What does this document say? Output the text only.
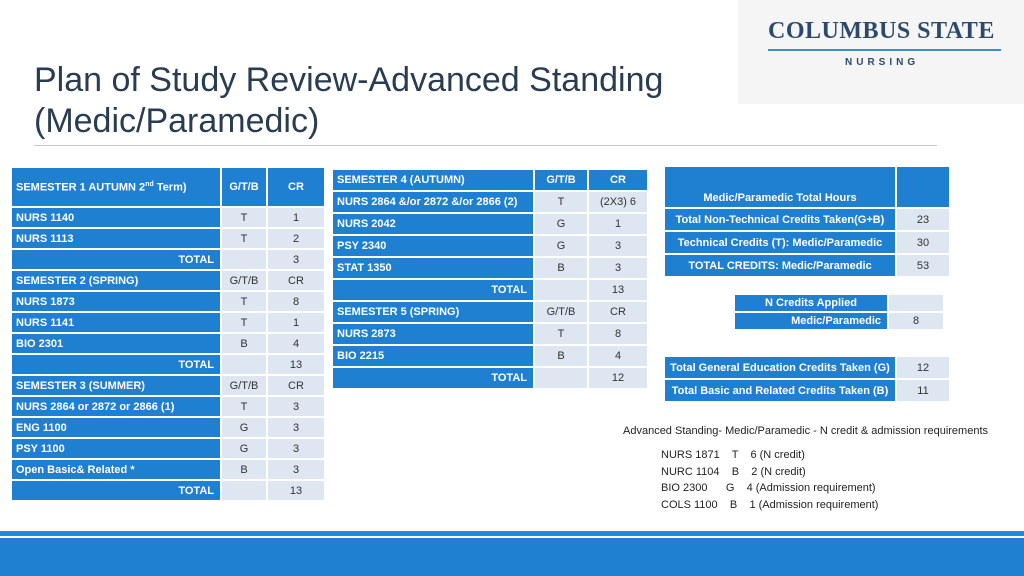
COLUMBUS STATE
NURSING
Plan of Study Review-Advanced Standing
(Medic/Paramedic)
SEMESTER 1 AUTUMN 2nd Term)	G/T/B	CR
NURS 1140	T	1
NURS 1113	T	2
TOTAL		3
SEMESTER 2 (SPRING)	G/T/B	CR
NURS 1873	T	8
NURS 1141	T	1
BIO 2301	B	4
TOTAL		13
SEMESTER 3 (SUMMER)	G/T/B	CR
NURS 2864 or 2872 or 2866 (1)	T	3
ENG 1100	G	3
PSY 1100	G	3
Open Basic& Related *	B	3
TOTAL		13
SEMESTER 4 (AUTUMN)	G/T/B	CR
NURS 2864 &/or 2872 &/or 2866 (2)	T	(2X3) 6
NURS 2042	G	1
PSY 2340	G	3
STAT 1350	B	3
TOTAL		13
SEMESTER 5 (SPRING)	G/T/B	CR
NURS 2873	T	8
BIO 2215	B	4
TOTAL		12
Medic/Paramedic Total Hours	
Total Non-Technical Credits Taken(G+B)	23
Technical Credits (T): Medic/Paramedic	30
TOTAL CREDITS: Medic/Paramedic	53
N Credits Applied	
Medic/Paramedic	8
Total General Education Credits Taken (G)	12
Total Basic and Related Credits Taken (B)	11
Advanced Standing- Medic/Paramedic - N credit & admission requirements
NURS 1871    T    6 (N credit)
NURC 1104    B    2 (N credit)
BIO 2300      G    4 (Admission requirement)
COLS 1100    B    1 (Admission requirement)
